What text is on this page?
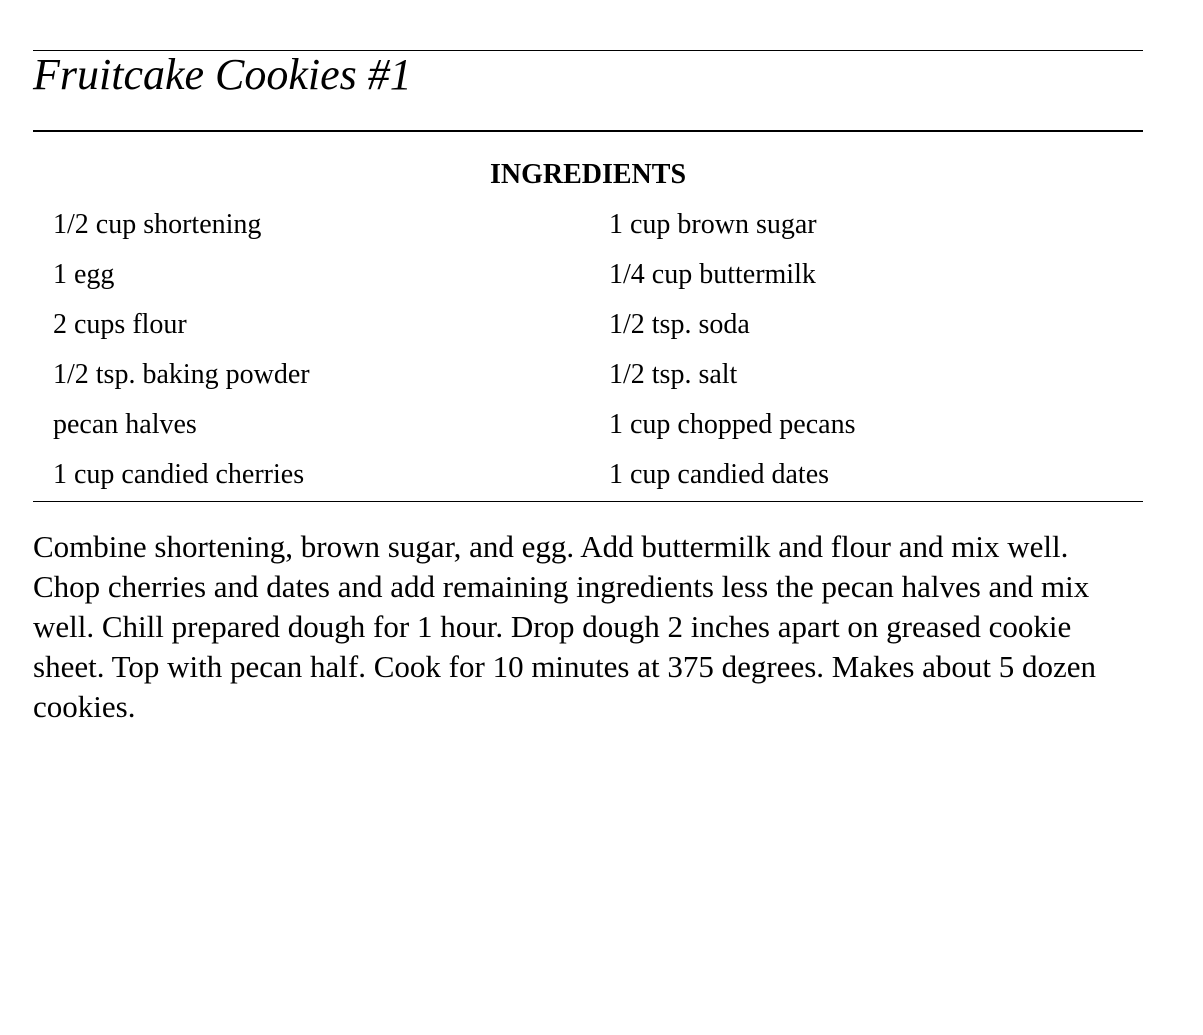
Fruitcake Cookies #1
INGREDIENTS
1/2 cup shortening	1 cup brown sugar
1 egg	1/4 cup buttermilk
2 cups flour	1/2 tsp. soda
1/2 tsp. baking powder	1/2 tsp. salt
pecan halves	1 cup chopped pecans
1 cup candied cherries	1 cup candied dates

Combine shortening, brown sugar, and egg. Add buttermilk and flour and mix well. Chop cherries and dates and add remaining ingredients less the pecan halves and mix well. Chill prepared dough for 1 hour. Drop dough 2 inches apart on greased cookie sheet. Top with pecan half. Cook for 10 minutes at 375 degrees. Makes about 5 dozen cookies.
